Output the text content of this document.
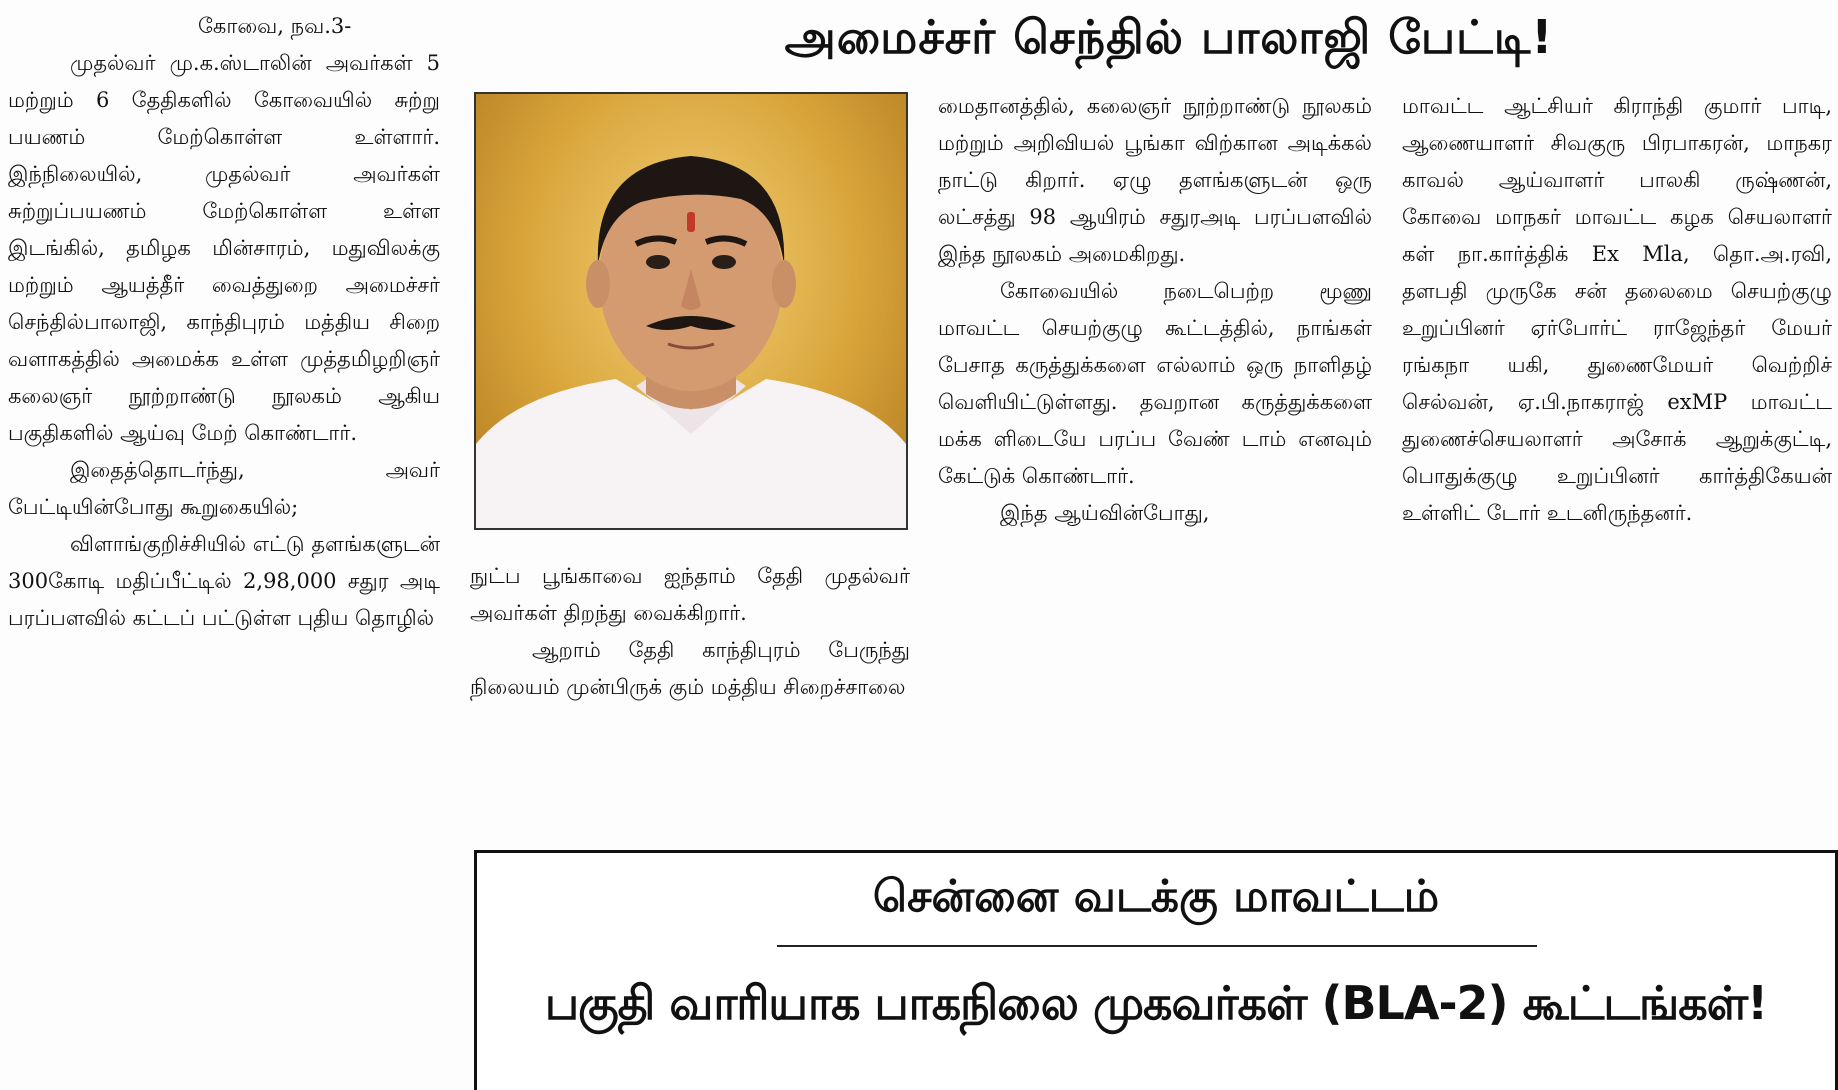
அமைச்சர் செந்தில் பாலாஜி பேட்டி!

கோவை, நவ.3-

முதல்வர் மு.க.ஸ்டாலின் அவர்கள் 5 மற்றும் 6 தேதிகளில் கோவையில் சுற்று பயணம் மேற்கொள்ள உள்ளார். இந்நிலையில், முதல்வர் அவர்கள் சுற்றுப்பயணம் மேற்கொள்ள உள்ள இடங்கில், தமிழக மின்சாரம், மதுவிலக்கு மற்றும் ஆயத்தீர் வைத்துறை அமைச்சர் செந்தில்பாலாஜி, காந்திபுரம் மத்திய சிறை வளாகத்தில் அமைக்க உள்ள முத்தமிழறிஞர் கலைஞர் நூற்றாண்டு நூலகம் ஆகிய பகுதிகளில் ஆய்வு மேற் கொண்டார்.

இதைத்தொடர்ந்து, அவர் பேட்டியின்போது கூறுகையில்;

விளாங்குறிச்சியில் எட்டு தளங்களுடன் 300கோடி மதிப்பீட்டில் 2,98,000 சதுர அடி பரப்பளவில் கட்டப் பட்டுள்ள புதிய தொழில்

நுட்ப பூங்காவை ஐந்தாம் தேதி முதல்வர் அவர்கள் திறந்து வைக்கிறார்.

ஆறாம் தேதி காந்திபுரம் பேருந்து நிலையம் முன்பிருக் கும் மத்திய சிறைச்சாலை

மைதானத்தில், கலைஞர் நூற்றாண்டு நூலகம் மற்றும் அறிவியல் பூங்கா விற்கான அடிக்கல் நாட்டு கிறார். ஏழு தளங்களுடன் ஒரு லட்சத்து 98 ஆயிரம் சதுரஅடி பரப்பளவில் இந்த நூலகம் அமைகிறது.

கோவையில் நடைபெற்ற மூணு மாவட்ட செயற்குழு கூட்டத்தில், நாங்கள் பேசாத கருத்துக்களை எல்லாம் ஒரு நாளிதழ் வெளியிட்டுள்ளது. தவறான கருத்துக்களை மக்க ளிடையே பரப்ப வேண் டாம் எனவும் கேட்டுக் கொண்டார்.

இந்த ஆய்வின்போது,

மாவட்ட ஆட்சியர் கிராந்தி குமார் பாடி, ஆணையாளர் சிவகுரு பிரபாகரன், மாநகர காவல் ஆய்வாளர் பாலகி ருஷ்ணன், கோவை மாநகர் மாவட்ட கழக செயலாளர் கள் நா.கார்த்திக் Ex Mla, தொ.அ.ரவி, தளபதி முருகே சன் தலைமை செயற்குழு உறுப்பினர் ஏர்போர்ட் ராஜேந்தர் மேயர் ரங்கநா யகி, துணைமேயர் வெற்றிச் செல்வன், ஏ.பி.நாகராஜ் exMP மாவட்ட துணைச்செயலாளர் அசோக் ஆறுக்குட்டி, பொதுக்குழு உறுப்பினர் கார்த்திகேயன் உள்ளிட் டோர் உடனிருந்தனர்.

சென்னை வடக்கு மாவட்டம்
பகுதி வாரியாக பாகநிலை முகவர்கள் (BLA-2) கூட்டங்கள்!
